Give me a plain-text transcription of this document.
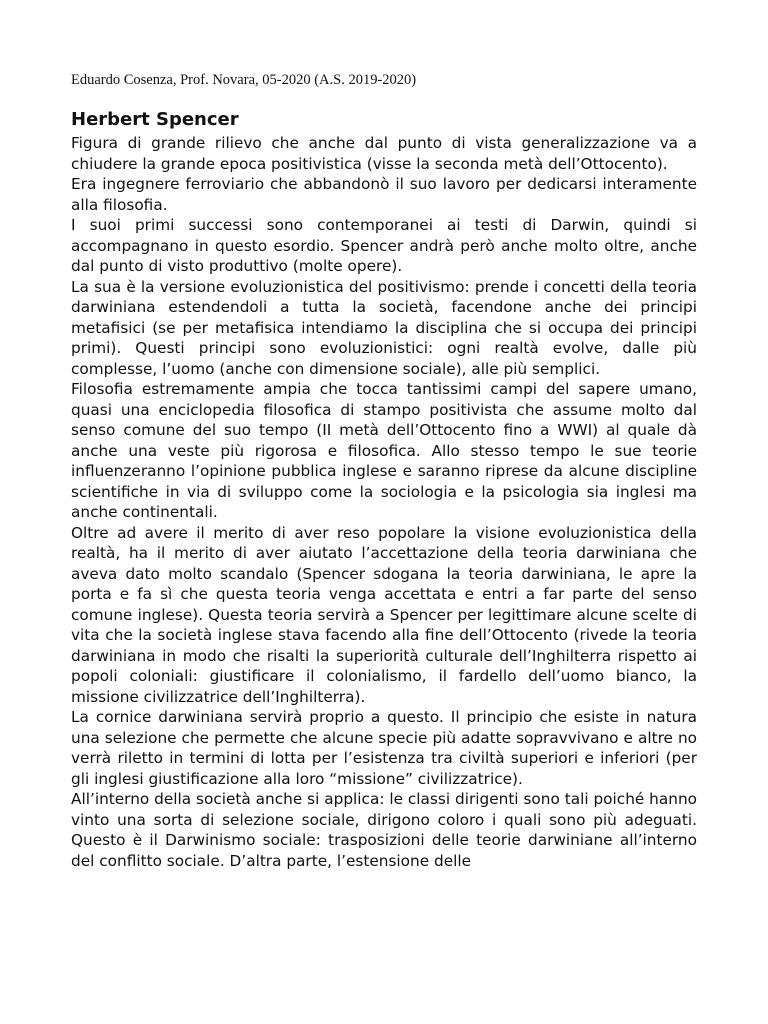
Eduardo Cosenza, Prof. Novara, 05-2020 (A.S. 2019-2020)
Herbert Spencer

Figura di grande rilievo che anche dal punto di vista generalizzazione va a chiudere la grande epoca positivistica (visse la seconda metà dell’Ottocento).

Era ingegnere ferroviario che abbandonò il suo lavoro per dedicarsi interamente alla filosofia.

I suoi primi successi sono contemporanei ai testi di Darwin, quindi si accompagnano in questo esordio. Spencer andrà però anche molto oltre, anche dal punto di visto produttivo (molte opere).

La sua è la versione evoluzionistica del positivismo: prende i concetti della teoria darwiniana estendendoli a tutta la società, facendone anche dei principi metafisici (se per metafisica intendiamo la disciplina che si occupa dei principi primi). Questi principi sono evoluzionistici: ogni realtà evolve, dalle più complesse, l’uomo (anche con dimensione sociale), alle più semplici.

Filosofia estremamente ampia che tocca tantissimi campi del sapere umano, quasi una enciclopedia filosofica di stampo positivista che assume molto dal senso comune del suo tempo (II metà dell’Ottocento fino a WWI) al quale dà anche una veste più rigorosa e filosofica. Allo stesso tempo le sue teorie influenzeranno l’opinione pubblica inglese e saranno riprese da alcune discipline scientifiche in via di sviluppo come la sociologia e la psicologia sia inglesi ma anche continentali.

Oltre ad avere il merito di aver reso popolare la visione evoluzionistica della realtà, ha il merito di aver aiutato l’accettazione della teoria darwiniana che aveva dato molto scandalo (Spencer sdogana la teoria darwiniana, le apre la porta e fa sì che questa teoria venga accettata e entri a far parte del senso comune inglese). Questa teoria servirà a Spencer per legittimare alcune scelte di vita che la società inglese stava facendo alla fine dell’Ottocento (rivede la teoria darwiniana in modo che risalti la superiorità culturale dell’Inghilterra rispetto ai popoli coloniali: giustificare il colonialismo, il fardello dell’uomo bianco, la missione civilizzatrice dell’Inghilterra).

La cornice darwiniana servirà proprio a questo. Il principio che esiste in natura una selezione che permette che alcune specie più adatte sopravvivano e altre no verrà riletto in termini di lotta per l’esistenza tra civiltà superiori e inferiori (per gli inglesi giustificazione alla loro “missione” civilizzatrice).

All’interno della società anche si applica: le classi dirigenti sono tali poiché hanno vinto una sorta di selezione sociale, dirigono coloro i quali sono più adeguati. Questo è il Darwinismo sociale: trasposizioni delle teorie darwiniane all’interno del conflitto sociale. D’altra parte, l’estensione delle
